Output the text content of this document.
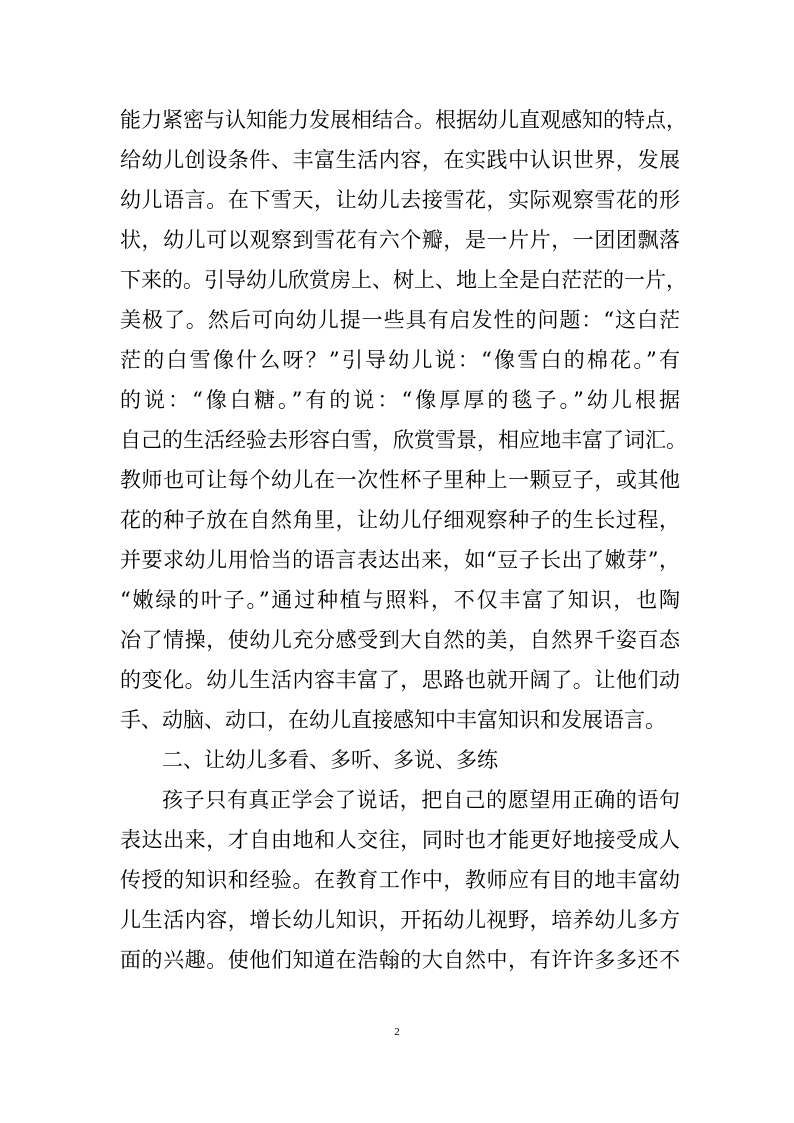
能力紧密与认知能力发展相结合。根据幼儿直观感知的特点，
给幼儿创设条件、丰富生活内容，在实践中认识世界，发展
幼儿语言。在下雪天，让幼儿去接雪花，实际观察雪花的形
状，幼儿可以观察到雪花有六个瓣，是一片片，一团团飘落
下来的。引导幼儿欣赏房上、树上、地上全是白茫茫的一片，
美极了。然后可向幼儿提一些具有启发性的问题：“这白茫
茫的白雪像什么呀？”引导幼儿说：“像雪白的棉花。”有
的说：“像白糖。”有的说：“像厚厚的毯子。”幼儿根据
自己的生活经验去形容白雪，欣赏雪景，相应地丰富了词汇。
教师也可让每个幼儿在一次性杯子里种上一颗豆子，或其他
花的种子放在自然角里，让幼儿仔细观察种子的生长过程，
并要求幼儿用恰当的语言表达出来，如“豆子长出了嫩芽”，
“嫩绿的叶子。”通过种植与照料，不仅丰富了知识，也陶
冶了情操，使幼儿充分感受到大自然的美，自然界千姿百态
的变化。幼儿生活内容丰富了，思路也就开阔了。让他们动
手、动脑、动口，在幼儿直接感知中丰富知识和发展语言。
二、让幼儿多看、多听、多说、多练
孩子只有真正学会了说话，把自己的愿望用正确的语句
表达出来，才自由地和人交往，同时也才能更好地接受成人
传授的知识和经验。在教育工作中，教师应有目的地丰富幼
儿生活内容，增长幼儿知识，开拓幼儿视野，培养幼儿多方
面的兴趣。使他们知道在浩翰的大自然中，有许许多多还不
2
